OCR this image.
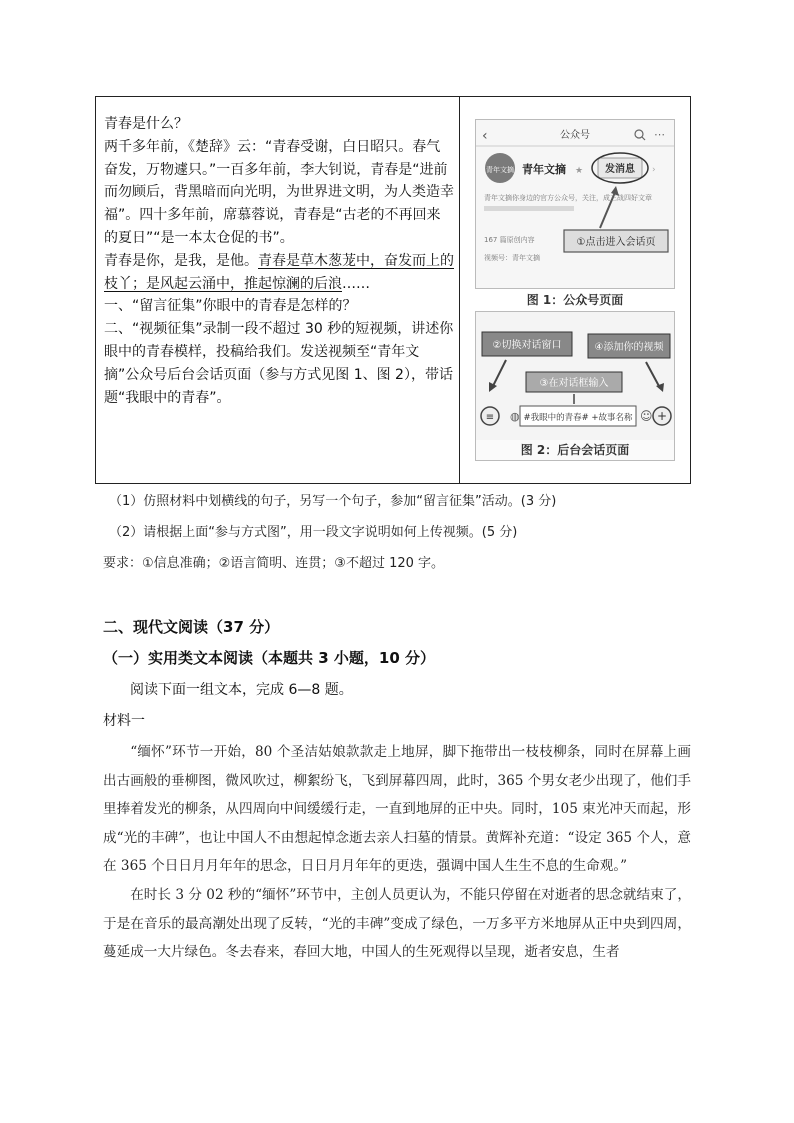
青春是什么？

两千多年前，《楚辞》云：“青春受谢，白日昭只。春气奋发，万物遽只。”一百多年前，李大钊说，青春是“进前而勿顾后，背黑暗而向光明，为世界进文明，为人类造幸福”。四十多年前，席慕蓉说，青春是“古老的不再回来的夏日”“是一本太仓促的书”。

青春是你，是我，是他。青春是草木葱茏中，奋发而上的枝丫；是风起云涌中，推起惊澜的后浪……

一、“留言征集”你眼中的青春是怎样的？

二、“视频征集”录制一段不超过 30 秒的短视频，讲述你眼中的青春模样，投稿给我们。发送视频至“青年文摘”公众号后台会话页面（参与方式见图 1、图 2），带话题“我眼中的青春”。

‹	公众号	⋯
青年文摘 青年文摘 ★ 发消息 ›
青年文摘你身边的官方公众号，关注，成三战四好文章
①点击进入会话页
167 篇原创内容
视频号：青年文摘
图 1：公众号页面
②切换对话窗口	④添加你的视频
③在对话框输入
≡ ◍ #我眼中的青春# +故事名称 ☺ +
图 2：后台会话页面
（1）仿照材料中划横线的句子，另写一个句子，参加“留言征集”活动。(3 分)
（2）请根据上面“参与方式图”，用一段文字说明如何上传视频。(5 分)
要求：①信息准确；②语言简明、连贯；③不超过 120 字。
二、现代文阅读（37 分）
（一）实用类文本阅读（本题共 3 小题，10 分）
阅读下面一组文本，完成 6—8 题。
材料一

“缅怀”环节一开始，80 个圣洁姑娘款款走上地屏，脚下拖带出一枝枝柳条，同时在屏幕上画出古画般的垂柳图，微风吹过，柳絮纷飞，飞到屏幕四周，此时，365 个男女老少出现了，他们手里捧着发光的柳条，从四周向中间缓缓行走，一直到地屏的正中央。同时，105 束光冲天而起，形成“光的丰碑”，也让中国人不由想起悼念逝去亲人扫墓的情景。黄辉补充道：“设定 365 个人，意在 365 个日日月月年年的思念，日日月月年年的更迭，强调中国人生生不息的生命观。”

在时长 3 分 02 秒的“缅怀”环节中，主创人员更认为，不能只停留在对逝者的思念就结束了，于是在音乐的最高潮处出现了反转，“光的丰碑”变成了绿色，一万多平方米地屏从正中央到四周，蔓延成一大片绿色。冬去春来，春回大地，中国人的生死观得以呈现，逝者安息，生者
